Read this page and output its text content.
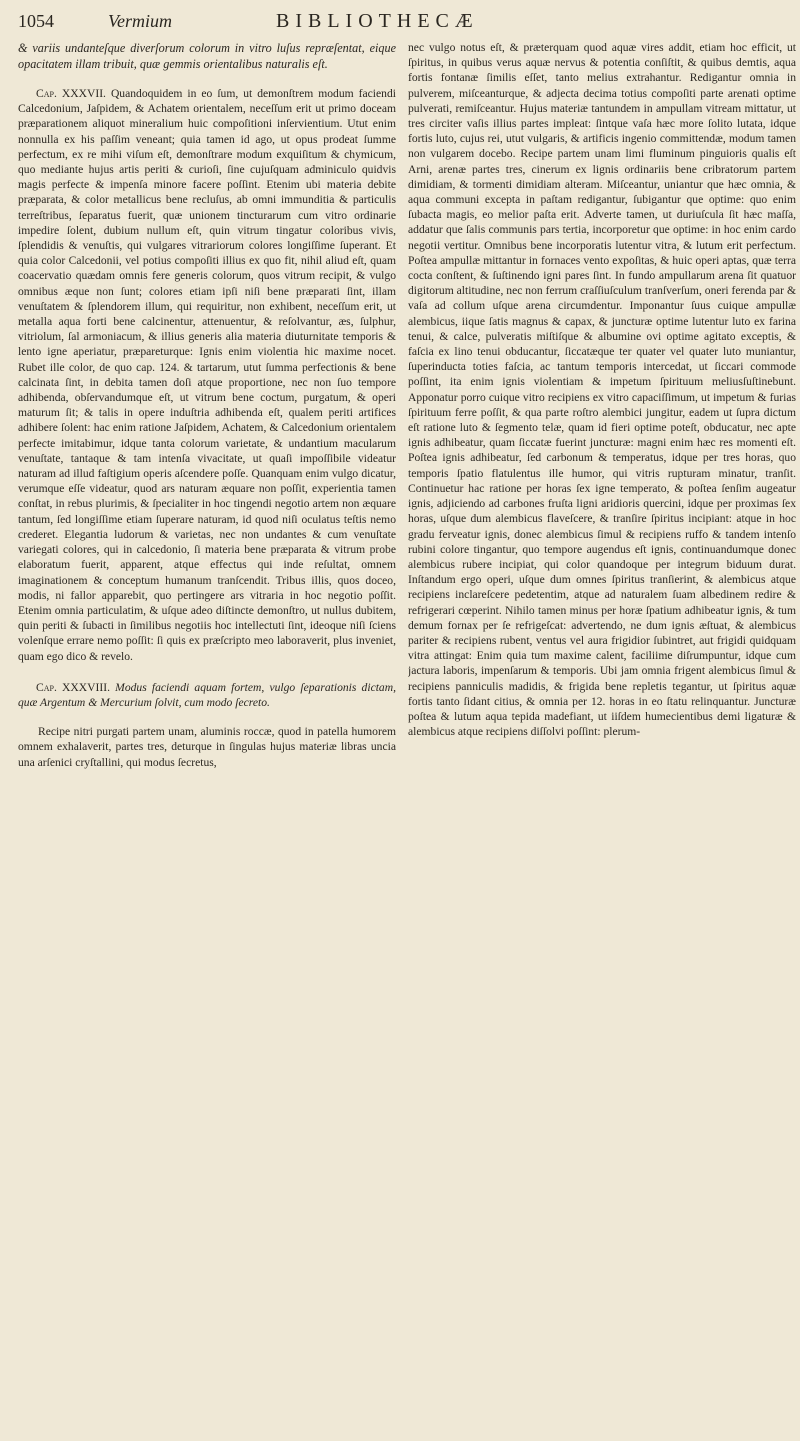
1054	Vermium	BIBLIOTHECÆ

& variis undanteſque diverſorum colorum in vitro luſus repræſentat, eique opacitatem illam tribuit, quæ gemmis orientalibus naturalis eſt.

Cap. XXXVII. Quandoquidem in eo ſum, ut demonſtrem modum faciendi Calcedonium, Jaſpidem, & Achatem orientalem, neceſſum erit ut primo doceam præparationem aliquot mineralium huic compoſitioni inſervientium. Utut enim nonnulla ex his paſſim veneant; quia tamen id ago, ut opus prodeat ſumme perfectum, ex re mihi viſum eſt, demonſtrare modum exquiſitum & chymicum, quo mediante hujus artis periti & curioſi, ſine cujuſquam adminiculo quidvis magis perfecte & impenſa minore facere poſſint. Etenim ubi materia debite præparata, & color metallicus bene recluſus, ab omni immunditia & particulis terreſtribus, ſeparatus fuerit, quæ unionem tincturarum cum vitro ordinarie impedire ſolent, dubium nullum eſt, quin vitrum tingatur coloribus vivis, ſplendidis & venuſtis, qui vulgares vitrariorum colores longiſſime ſuperant. Et quia color Calcedonii, vel potius compoſiti illius ex quo fit, nihil aliud eſt, quam coacervatio quædam omnis fere generis colorum, quos vitrum recipit, & vulgo omnibus æque non ſunt; colores etiam ipſi niſi bene præparati ſint, illam venuſtatem & ſplendorem illum, qui requiritur, non exhibent, neceſſum erit, ut metalla aqua forti bene calcinentur, attenuentur, & reſolvantur, æs, ſulphur, vitriolum, ſal armoniacum, & illius generis alia materia diuturnitate temporis & lento igne aperiatur, præpareturque: Ignis enim violentia hic maxime nocet. Rubet ille color, de quo cap. 124. & tartarum, utut ſumma perfectionis & bene calcinata ſint, in debita tamen doſi atque proportione, nec non ſuo tempore adhibenda, obſervandumque eſt, ut vitrum bene coctum, purgatum, & operi maturum ſit; & talis in opere induſtria adhibenda eſt, qualem periti artifices adhibere ſolent: hac enim ratione Jaſpidem, Achatem, & Calcedonium orientalem perfecte imitabimur, idque tanta colorum varietate, & undantium macularum venuſtate, tantaque & tam intenſa vivacitate, ut quaſi impoſſibile videatur naturam ad illud faſtigium operis aſcendere poſſe. Quanquam enim vulgo dicatur, verumque eſſe videatur, quod ars naturam æquare non poſſit, experientia tamen conſtat, in rebus plurimis, & ſpecialiter in hoc tingendi negotio artem non æquare tantum, ſed longiſſime etiam ſuperare naturam, id quod niſi oculatus teſtis nemo crederet. Elegantia ludorum & varietas, nec non undantes & cum venuſtate variegati colores, qui in calcedonio, ſi materia bene præparata & vitrum probe elaboratum fuerit, apparent, atque effectus qui inde reſultat, omnem imaginationem & conceptum humanum tranſcendit. Tribus illis, quos doceo, modis, ni fallor apparebit, quo pertingere ars vitraria in hoc negotio poſſit. Etenim omnia particulatim, & uſque adeo diſtincte demonſtro, ut nullus dubitem, quin periti & ſubacti in ſimilibus negotiis hoc intellectuti ſint, ideoque niſi ſciens volenſque errare nemo poſſit: ſi quis ex præſcripto meo laboraverit, plus inveniet, quam ego dico & revelo.

Cap. XXXVIII. Modus faciendi aquam fortem, vulgo ſeparationis dictam, quæ Argentum & Mercurium ſolvit, cum modo ſecreto.

Recipe nitri purgati partem unam, aluminis roccæ, quod in patella humorem omnem exhalaverit, partes tres, deturque in ſingulas hujus materiæ libras uncia una arſenici cryſtallini, qui modus ſecretus,

nec vulgo notus eſt, & præterquam quod aquæ vires addit, etiam hoc efficit, ut ſpiritus, in quibus verus aquæ nervus & potentia conſiſtit, & quibus demtis, aqua fortis fontanæ ſimilis eſſet, tanto melius extrahantur. Redigantur omnia in pulverem, miſceanturque, & adjecta decima totius compoſiti parte arenati optime pulverati, remiſceantur. Hujus materiæ tantundem in ampullam vitream mittatur, ut tres circiter vaſis illius partes impleat: ſintque vaſa hæc more ſolito lutata, idque fortis luto, cujus rei, utut vulgaris, & artificis ingenio committendæ, modum tamen non vulgarem docebo. Recipe partem unam limi fluminum pinguioris qualis eſt Arni, arenæ partes tres, cinerum ex lignis ordinariis bene cribratorum partem dimidiam, & tormenti dimidiam alteram. Miſceantur, uniantur que hæc omnia, & aqua communi excepta in paſtam redigantur, ſubigantur que optime: quo enim ſubacta magis, eo melior paſta erit. Adverte tamen, ut duriuſcula ſit hæc maſſa, addatur que ſalis communis pars tertia, incorporetur que optime: in hoc enim cardo negotii vertitur. Omnibus bene incorporatis lutentur vitra, & lutum erit perfectum. Poſtea ampullæ mittantur in fornaces vento expoſitas, & huic operi aptas, quæ terra cocta conſtent, & ſuſtinendo igni pares ſint. In fundo ampullarum arena ſit quatuor digitorum altitudine, nec non ferrum craſſiuſculum tranſverſum, oneri ferenda par & vaſa ad collum uſque arena circumdentur. Imponantur ſuus cuique ampullæ alembicus, iique ſatis magnus & capax, & juncturæ optime lutentur luto ex farina tenui, & calce, pulveratis miſtiſque & albumine ovi optime agitato exceptis, & faſcia ex lino tenui obducantur, ſiccatæque ter quater vel quater luto muniantur, ſuperinducta toties faſcia, ac tantum temporis intercedat, ut ſiccari commode poſſint, ita enim ignis violentiam & impetum ſpirituum meliusſuſtinebunt. Apponatur porro cuique vitro recipiens ex vitro capaciſſimum, ut impetum & furias ſpirituum ferre poſſit, & qua parte roſtro alembici jungitur, eadem ut ſupra dictum eſt ratione luto & ſegmento telæ, quam id fieri optime poteſt, obducatur, nec apte ignis adhibeatur, quam ſiccatæ fuerint juncturæ: magni enim hæc res momenti eſt. Poſtea ignis adhibeatur, ſed carbonum & temperatus, idque per tres horas, quo temporis ſpatio flatulentus ille humor, qui vitris rupturam minatur, tranſit. Continuetur hac ratione per horas ſex igne temperato, & poſtea ſenſim augeatur ignis, adjiciendo ad carbones fruſta ligni aridioris quercini, idque per proximas ſex horas, uſque dum alembicus flaveſcere, & tranſire ſpiritus incipiant: atque in hoc gradu ferveatur ignis, donec alembicus ſimul & recipiens ruffo & tandem intenſo rubini colore tingantur, quo tempore augendus eſt ignis, continuandumque donec alembicus rubere incipiat, qui color quandoque per integrum biduum durat. Inſtandum ergo operi, uſque dum omnes ſpiritus tranſierint, & alembicus atque recipiens inclareſcere pedetentim, atque ad naturalem ſuam albedinem redire & refrigerari cœperint. Nihilo tamen minus per horæ ſpatium adhibeatur ignis, & tum demum fornax per ſe refrigeſcat: advertendo, ne dum ignis æſtuat, & alembicus pariter & recipiens rubent, ventus vel aura frigidior ſubintret, aut frigidi quidquam vitra attingat: Enim quia tum maxime calent, faciliime diſrumpuntur, idque cum jactura laboris, impenſarum & temporis. Ubi jam omnia frigent alembicus ſimul & recipiens panniculis madidis, & frigida bene repletis tegantur, ut ſpiritus aquæ fortis tanto ſidant citius, & omnia per 12. horas in eo ſtatu relinquantur. Juncturæ poſtea & lutum aqua tepida madefiant, ut iiſdem humecientibus demi ligaturæ & alembicus atque recipiens diſſolvi poſſint: plerum-
